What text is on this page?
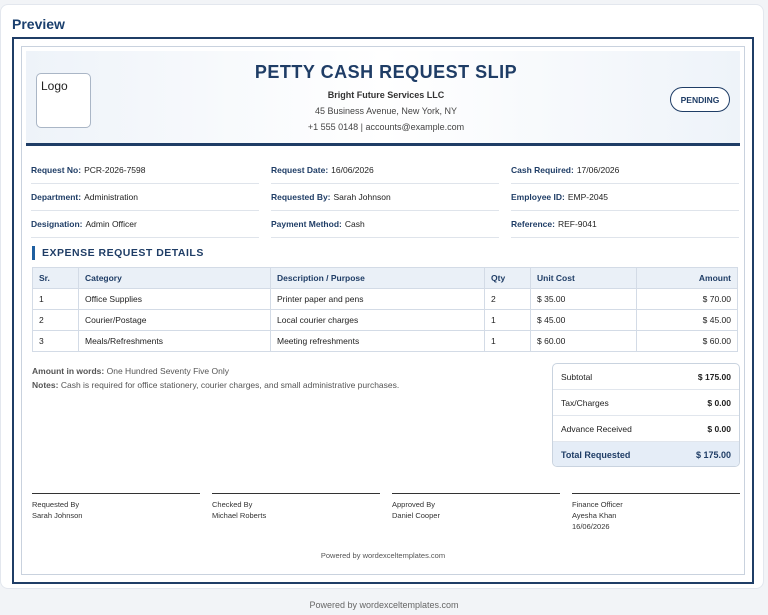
Preview
Logo
PETTY CASH REQUEST SLIP
Bright Future Services LLC
45 Business Avenue, New York, NY
+1 555 0148 | accounts@example.com
PENDING
Request No: PCR-2026-7598	Request Date: 16/06/2026	Cash Required: 17/06/2026
Department: Administration	Requested By: Sarah Johnson	Employee ID: EMP-2045
Designation: Admin Officer	Payment Method: Cash	Reference: REF-9041
EXPENSE REQUEST DETAILS
Sr.	Category	Description / Purpose	Qty	Unit Cost	Amount
1	Office Supplies	Printer paper and pens	2	$ 35.00	$ 70.00
2	Courier/Postage	Local courier charges	1	$ 45.00	$ 45.00
3	Meals/Refreshments	Meeting refreshments	1	$ 60.00	$ 60.00
Amount in words: One Hundred Seventy Five Only
Notes: Cash is required for office stationery, courier charges, and small administrative purchases.
Subtotal	$ 175.00
Tax/Charges	$ 0.00
Advance Received	$ 0.00
Total Requested	$ 175.00
Requested By
Sarah Johnson
Checked By
Michael Roberts
Approved By
Daniel Cooper
Finance Officer
Ayesha Khan
16/06/2026
Powered by wordexceltemplates.com
Powered by wordexceltemplates.com
